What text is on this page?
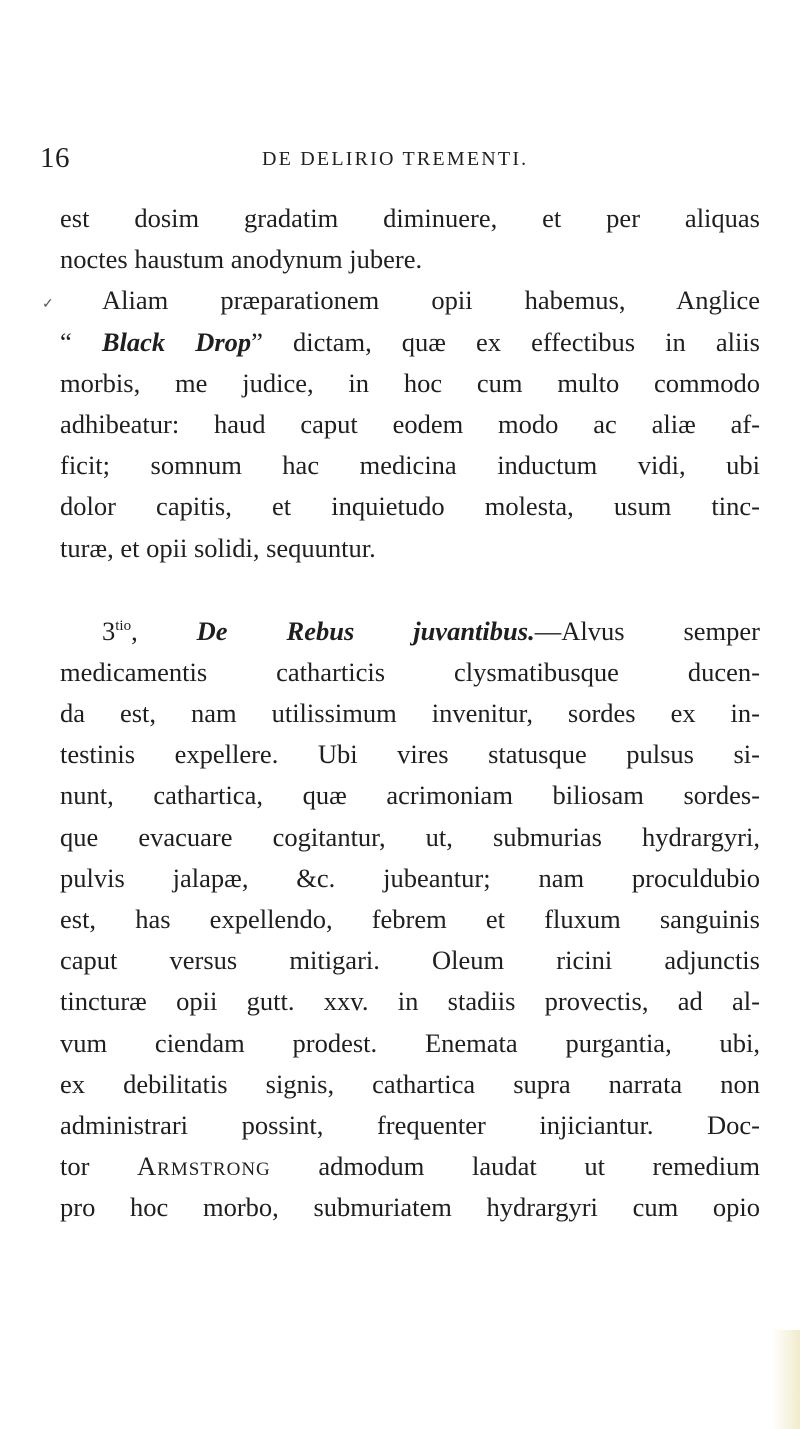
16	DE DELIRIO TREMENTI.
est dosim gradatim diminuere, et per aliquas
noctes haustum anodynum jubere.
Aliam præparationem opii habemus, Anglice
“ Black Drop” dictam, quæ ex effectibus in aliis
morbis, me judice, in hoc cum multo commodo
adhibeatur: haud caput eodem modo ac aliæ af-
ficit; somnum hac medicina inductum vidi, ubi
dolor capitis, et inquietudo molesta, usum tinc-
turæ, et opii solidi, sequuntur.
$3^{tio}$, De Rebus juvantibus.—Alvus semper
medicamentis catharticis clysmatibusque ducen-
da est, nam utilissimum invenitur, sordes ex in-
testinis expellere. Ubi vires statusque pulsus si-
nunt, cathartica, quæ acrimoniam biliosam sordes-
que evacuare cogitantur, ut, submurias hydrargyri,
pulvis jalapæ, &c. jubeantur; nam proculdubio
est, has expellendo, febrem et fluxum sanguinis
caput versus mitigari. Oleum ricini adjunctis
tincturæ opii gutt. xxv. in stadiis provectis, ad al-
vum ciendam prodest. Enemata purgantia, ubi,
ex debilitatis signis, cathartica supra narrata non
administrari possint, frequenter injiciantur. Doc-
tor Armstrong admodum laudat ut remedium
pro hoc morbo, submuriatem hydrargyri cum opio
✓
